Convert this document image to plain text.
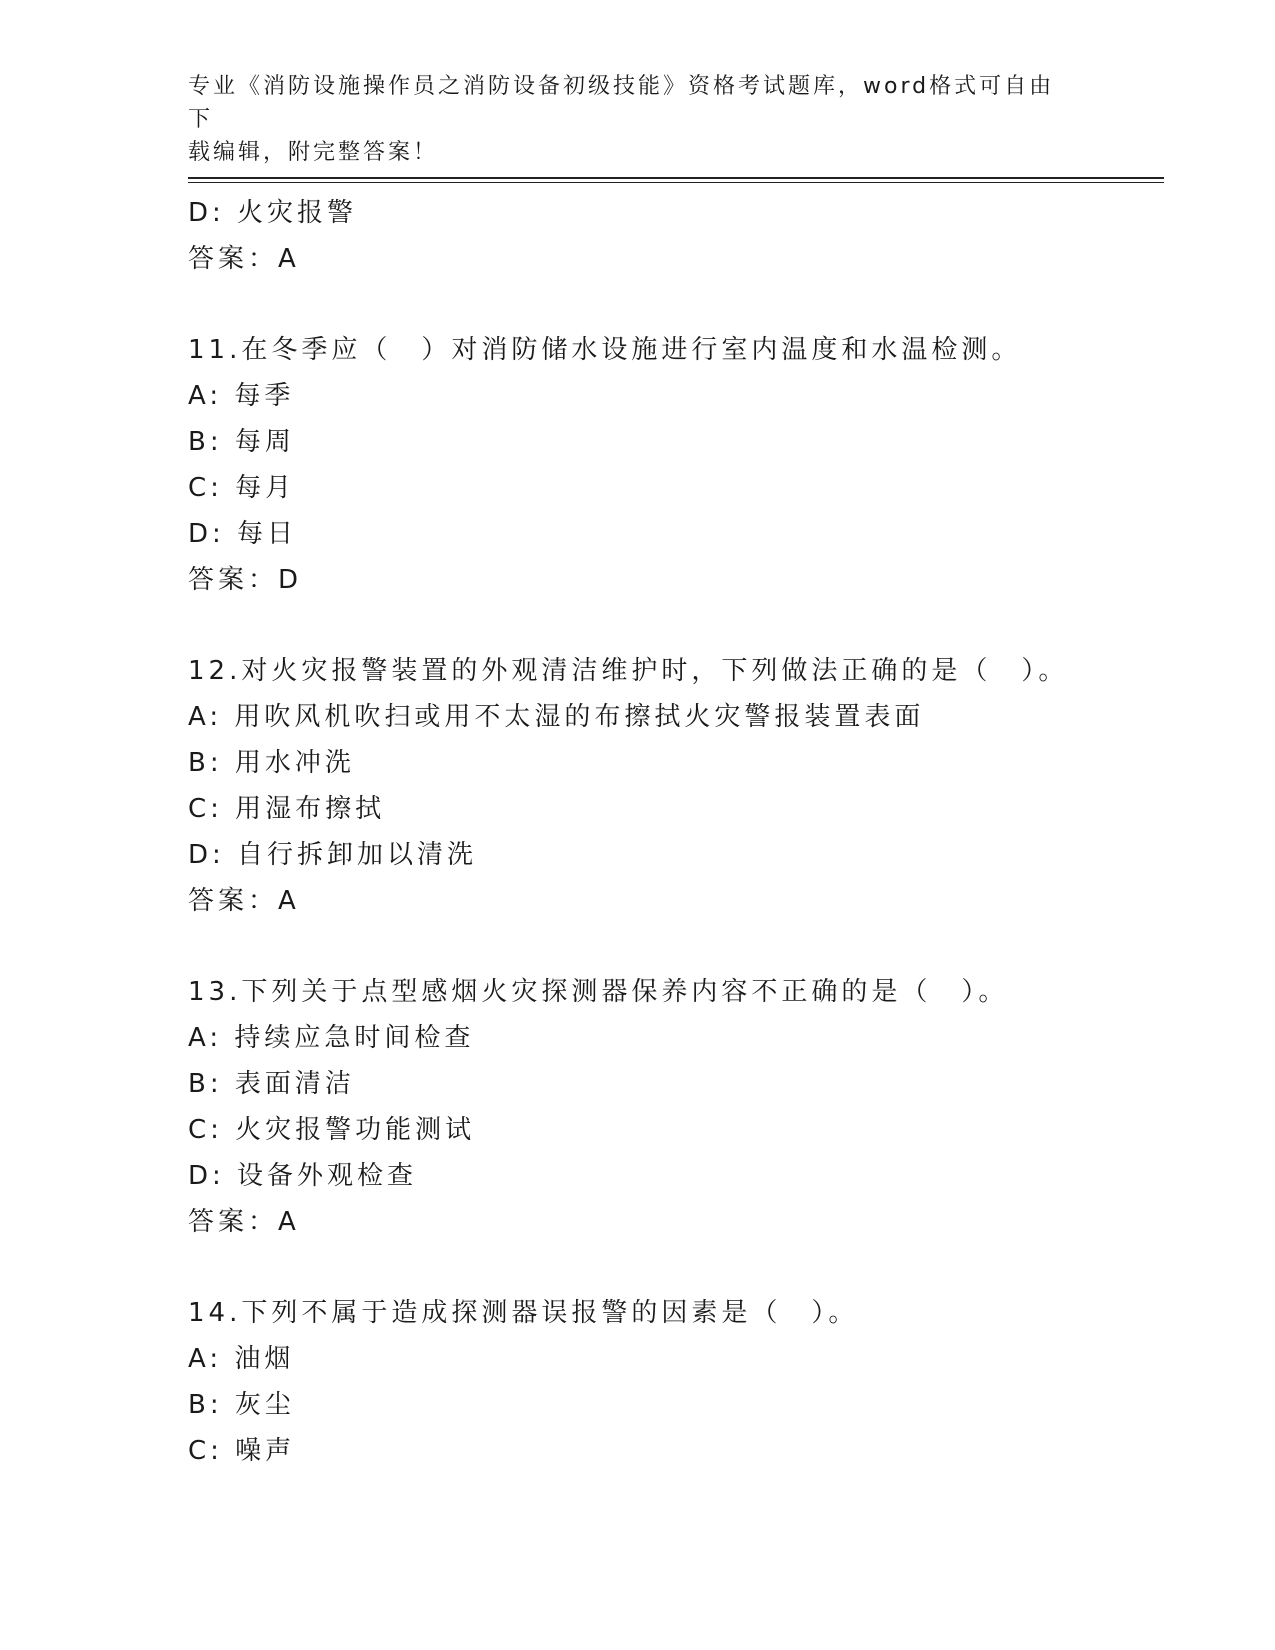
专业《消防设施操作员之消防设备初级技能》资格考试题库，word格式可自由下
载编辑，附完整答案！
D: 火灾报警
答案：A
11.在冬季应（　）对消防储水设施进行室内温度和水温检测。
A: 每季
B: 每周
C: 每月
D: 每日
答案：D
12.对火灾报警装置的外观清洁维护时，下列做法正确的是（　）。
A: 用吹风机吹扫或用不太湿的布擦拭火灾警报装置表面
B: 用水冲洗
C: 用湿布擦拭
D: 自行拆卸加以清洗
答案：A
13.下列关于点型感烟火灾探测器保养内容不正确的是（　）。
A: 持续应急时间检查
B: 表面清洁
C: 火灾报警功能测试
D: 设备外观检查
答案：A
14.下列不属于造成探测器误报警的因素是（　）。
A: 油烟
B: 灰尘
C: 噪声
